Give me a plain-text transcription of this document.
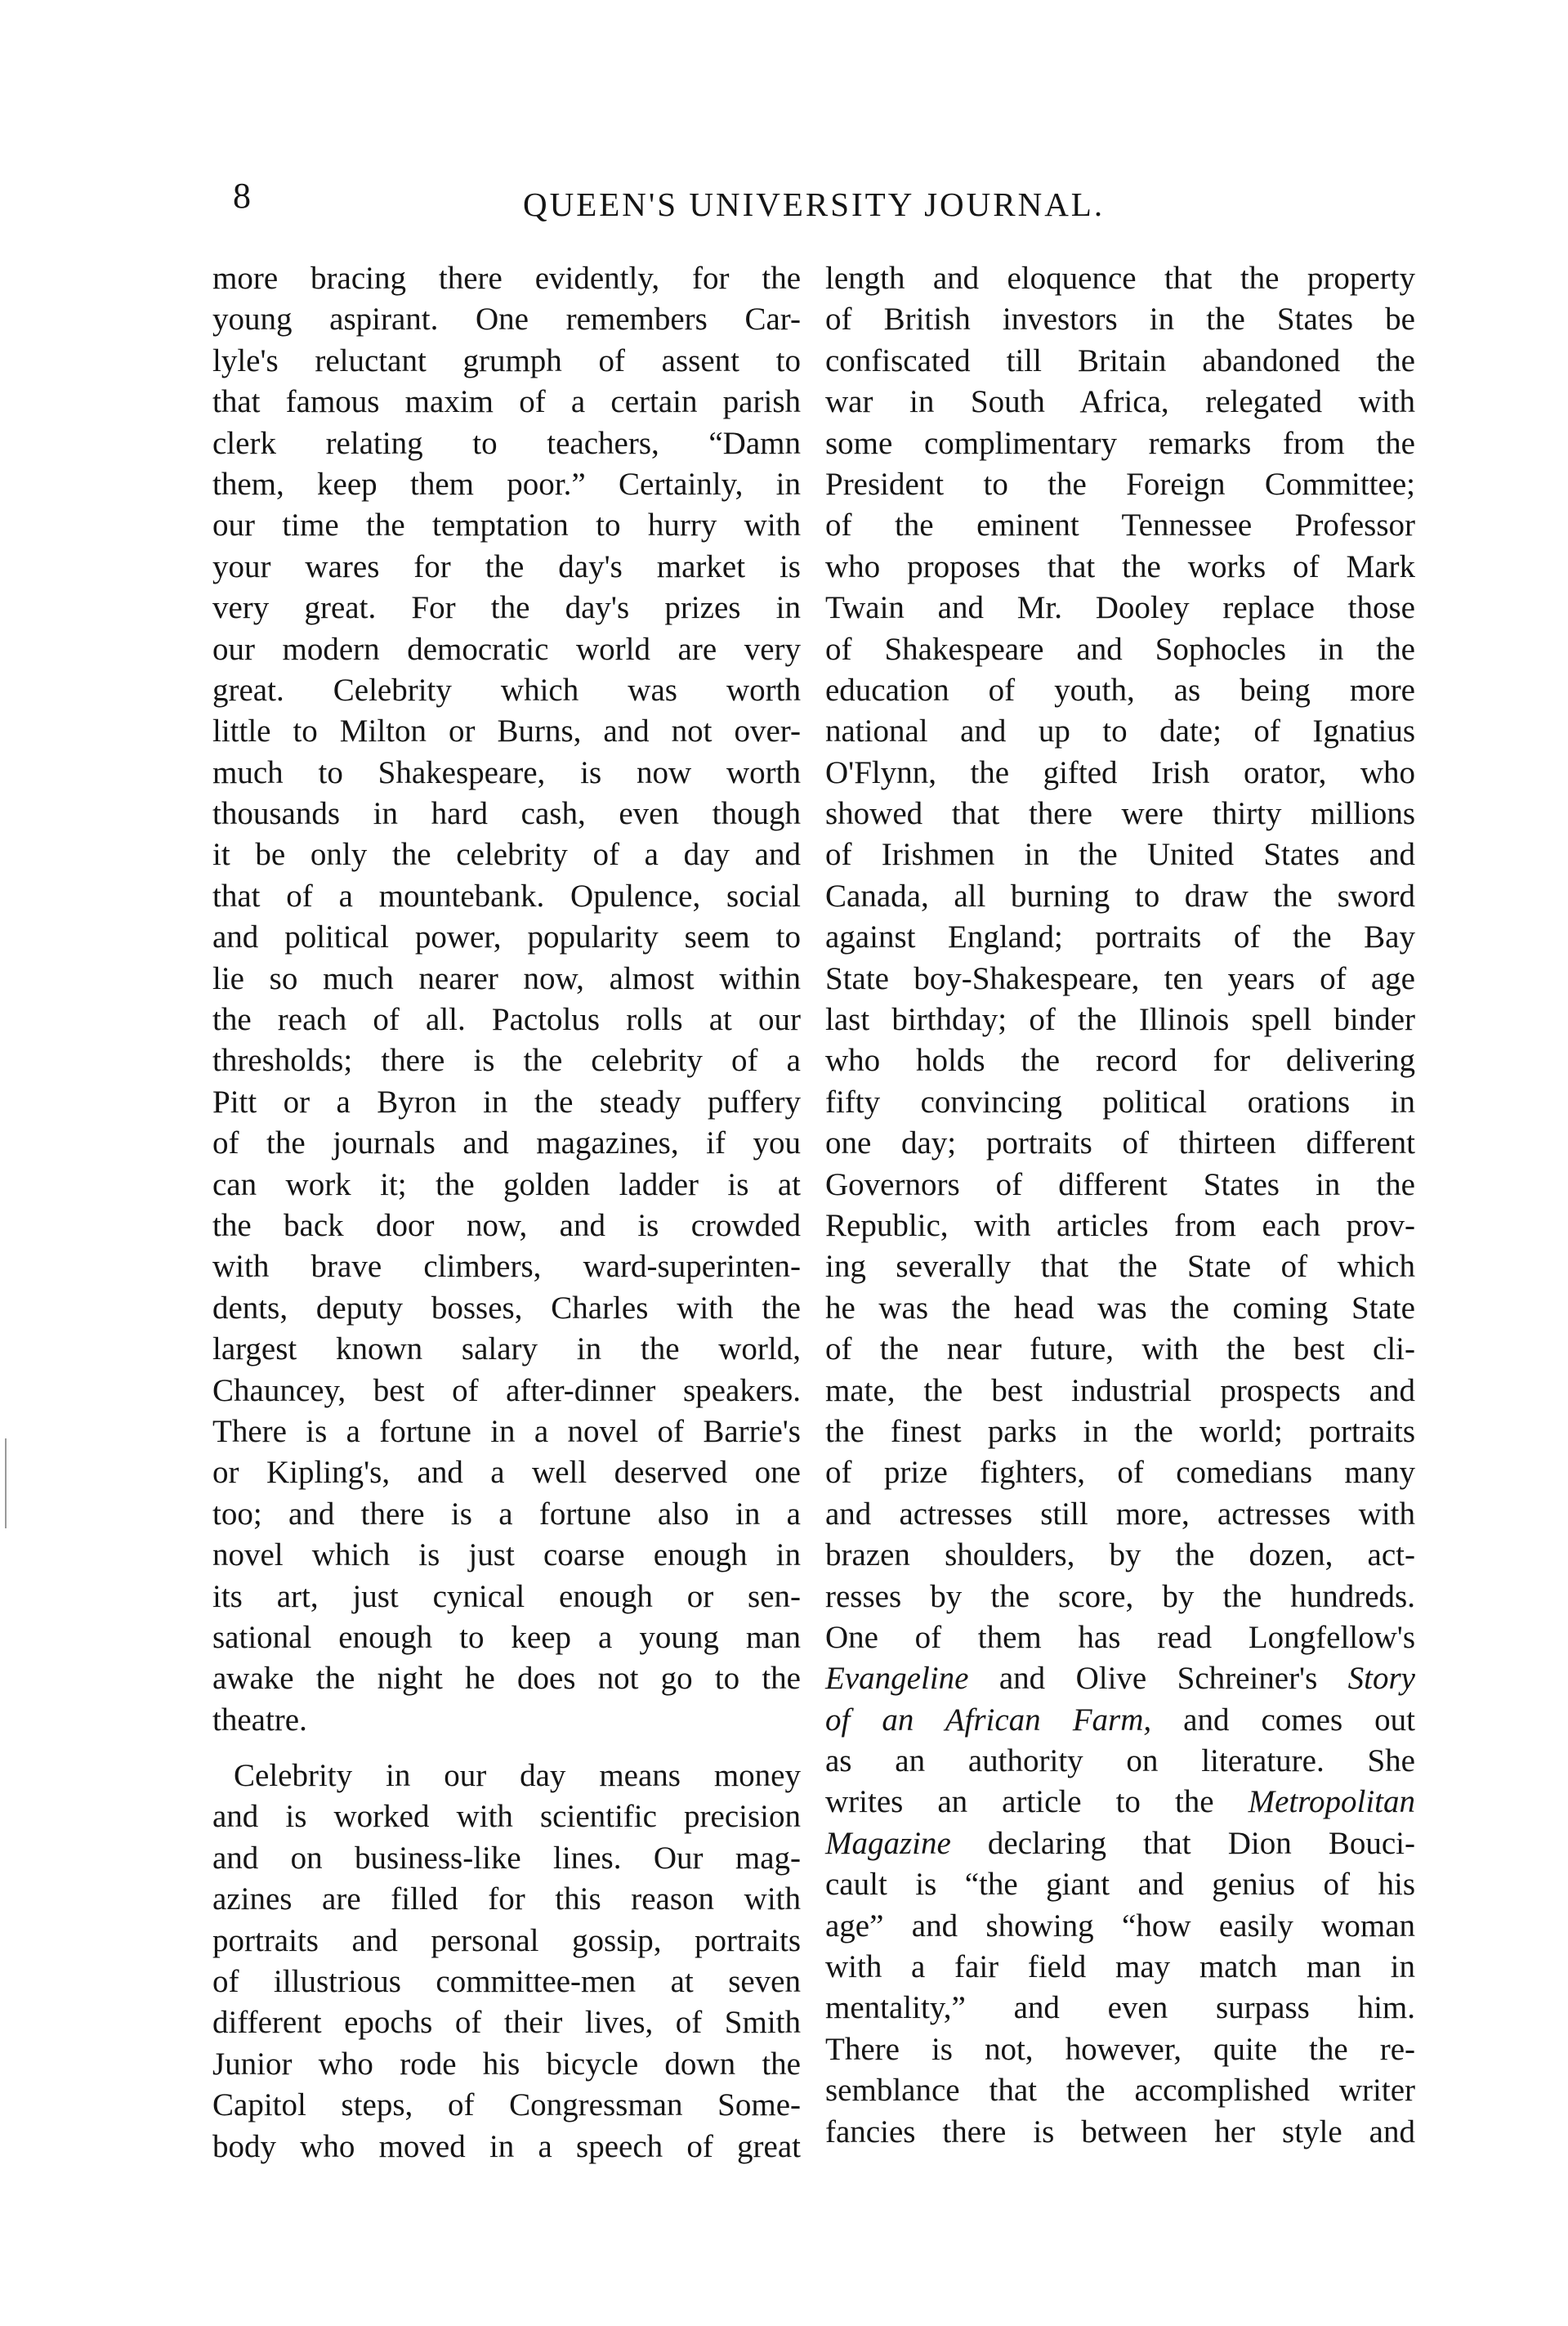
8	QUEEN'S UNIVERSITY JOURNAL.
more bracing there evidently, for the
young aspirant. One remembers Car-
lyle's reluctant grumph of assent to
that famous maxim of a certain parish
clerk relating to teachers, “Damn
them, keep them poor.” Certainly, in
our time the temptation to hurry with
your wares for the day's market is
very great. For the day's prizes in
our modern democratic world are very
great. Celebrity which was worth
little to Milton or Burns, and not over-
much to Shakespeare, is now worth
thousands in hard cash, even though
it be only the celebrity of a day and
that of a mountebank. Opulence, social
and political power, popularity seem to
lie so much nearer now, almost within
the reach of all. Pactolus rolls at our
thresholds; there is the celebrity of a
Pitt or a Byron in the steady puffery
of the journals and magazines, if you
can work it; the golden ladder is at
the back door now, and is crowded
with brave climbers, ward-superinten-
dents, deputy bosses, Charles with the
largest known salary in the world,
Chauncey, best of after-dinner speakers.
There is a fortune in a novel of Barrie's
or Kipling's, and a well deserved one
too; and there is a fortune also in a
novel which is just coarse enough in
its art, just cynical enough or sen-
sational enough to keep a young man
awake the night he does not go to the
theatre.
Celebrity in our day means money
and is worked with scientific precision
and on business-like lines. Our mag-
azines are filled for this reason with
portraits and personal gossip, portraits
of illustrious committee-men at seven
different epochs of their lives, of Smith
Junior who rode his bicycle down the
Capitol steps, of Congressman Some-
body who moved in a speech of great
length and eloquence that the property
of British investors in the States be
confiscated till Britain abandoned the
war in South Africa, relegated with
some complimentary remarks from the
President to the Foreign Committee;
of the eminent Tennessee Professor
who proposes that the works of Mark
Twain and Mr. Dooley replace those
of Shakespeare and Sophocles in the
education of youth, as being more
national and up to date; of Ignatius
O'Flynn, the gifted Irish orator, who
showed that there were thirty millions
of Irishmen in the United States and
Canada, all burning to draw the sword
against England; portraits of the Bay
State boy-Shakespeare, ten years of age
last birthday; of the Illinois spell binder
who holds the record for delivering
fifty convincing political orations in
one day; portraits of thirteen different
Governors of different States in the
Republic, with articles from each prov-
ing severally that the State of which
he was the head was the coming State
of the near future, with the best cli-
mate, the best industrial prospects and
the finest parks in the world; portraits
of prize fighters, of comedians many
and actresses still more, actresses with
brazen shoulders, by the dozen, act-
resses by the score, by the hundreds.
One of them has read Longfellow's
Evangeline and Olive Schreiner's Story
of an African Farm, and comes out
as an authority on literature. She
writes an article to the Metropolitan
Magazine declaring that Dion Bouci-
cault is “the giant and genius of his
age” and showing “how easily woman
with a fair field may match man in
mentality,” and even surpass him.
There is not, however, quite the re-
semblance that the accomplished writer
fancies there is between her style and
